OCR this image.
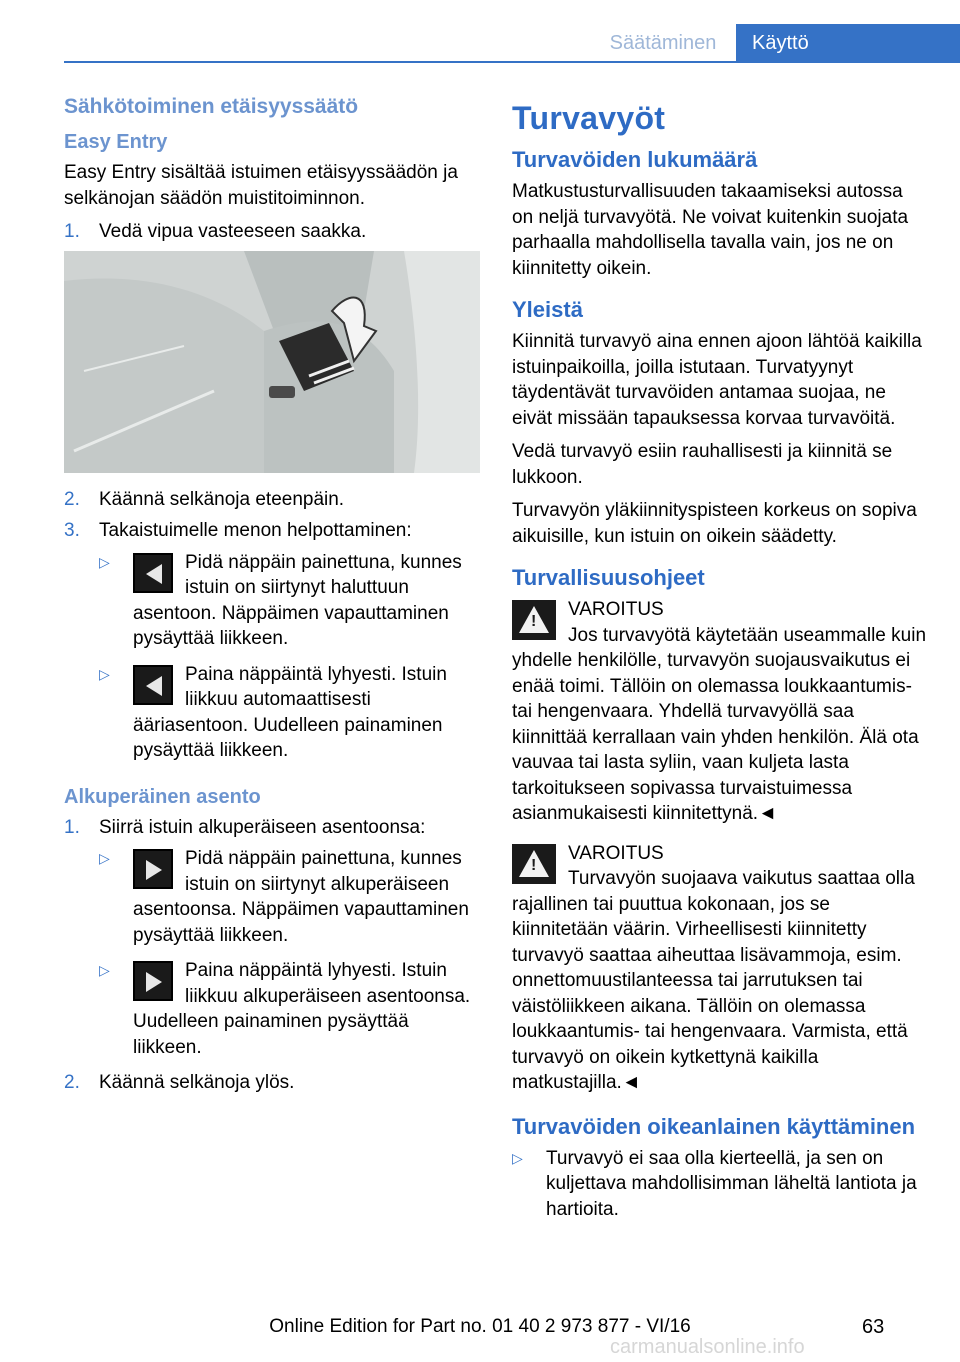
Säätäminen	Käyttö
Sähkötoiminen etäisyyssäätö
Easy Entry

Easy Entry sisältää istuimen etäisyyssäädön ja selkänojan säädön muistitoiminnon.

1. Vedä vipua vasteeseen saakka.
2. Käännä selkänoja eteenpäin.
3. Takaistuimelle menon helpottaminen:
▷	Pidä näppäin painettuna, kunnes istuin on siirtynyt haluttuun asentoon. Näppäimen vapauttaminen pysäyttää liikkeen.
▷	Paina näppäintä lyhyesti. Istuin liikkuu automaattisesti ääriasentoon. Uudelleen painaminen pysäyttää liikkeen.
Alkuperäinen asento
1. Siirrä istuin alkuperäiseen asentoonsa:
▷	Pidä näppäin painettuna, kunnes istuin on siirtynyt alkuperäiseen asentoonsa. Näppäimen vapauttaminen pysäyttää liikkeen.
▷	Paina näppäintä lyhyesti. Istuin liikkuu alkuperäiseen asentoonsa. Uudelleen painaminen pysäyttää liikkeen.
2. Käännä selkänoja ylös.
Turvavyöt
Turvavöiden lukumäärä

Matkustusturvallisuuden takaamiseksi autossa on neljä turvavyötä. Ne voivat kuitenkin suojata parhaalla mahdollisella tavalla vain, jos ne on kiinnitetty oikein.

Yleistä

Kiinnitä turvavyö aina ennen ajoon lähtöä kaikilla istuinpaikoilla, joilla istutaan. Turvatyynyt täydentävät turvavöiden antamaa suojaa, ne eivät missään tapauksessa korvaa turvavöitä.

Vedä turvavyö esiin rauhallisesti ja kiinnitä se lukkoon.

Turvavyön yläkiinnityspisteen korkeus on sopiva aikuisille, kun istuin on oikein säädetty.

Turvallisuusohjeet
!

VAROITUS

Jos turvavyötä käytetään useammalle kuin yhdelle henkilölle, turvavyön suojausvaikutus ei enää toimi. Tällöin on olemassa loukkaantumis- tai hengenvaara. Yhdellä turvavyöllä saa kiinnittää kerrallaan vain yhden henkilön. Älä ota vauvaa tai lasta syliin, vaan kuljeta lasta tarkoitukseen sopivassa turvaistuimessa asianmukaisesti kiinnitettynä.◄

!

VAROITUS

Turvavyön suojaava vaikutus saattaa olla rajallinen tai puuttua kokonaan, jos se kiinnitetään väärin. Virheellisesti kiinnitetty turvavyö saattaa aiheuttaa lisävammoja, esim. onnettomuustilanteessa tai jarrutuksen tai väistöliikkeen aikana. Tällöin on olemassa loukkaantumis- tai hengenvaara. Varmista, että turvavyö on oikein kytkettynä kaikilla matkustajilla.◄

Turvavöiden oikeanlainen käyttäminen
▷ Turvavyö ei saa olla kierteellä, ja sen on kuljettava mahdollisimman läheltä lantiota ja hartioita.
63
Online Edition for Part no. 01 40 2 973 877 - VI/16
carmanualsonline.info
